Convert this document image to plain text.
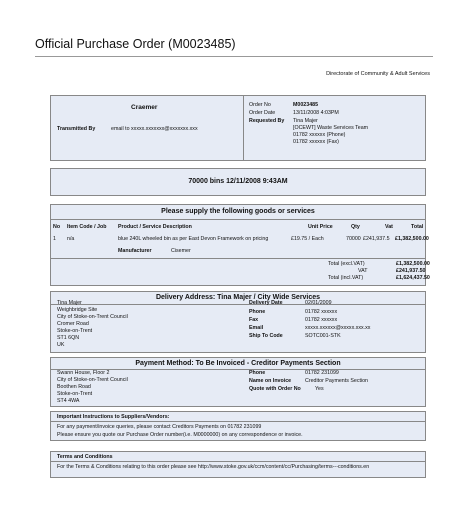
Official Purchase Order (M0023485)
Directorate of Community & Adult Services
Craemer
Transmitted By	email to xxxxx.xxxxxxx@xxxxxxx.xxx
Order No	M0023485
Order Date	13/11/2008 4:03PM
Requested By Tina Majer
[OCEWT] Waste Services Team
01782 xxxxxx (Phone)
01782 xxxxxx (Fax)
70000 bins 12/11/2008 9:43AM
Please supply the following goods or services
No Item Code / Job Product / Service Description	Unit Price	Qty	Vat	Total
1 n/a	blue 240L wheeled bin as per East Devon Framework on pricing	£19.75 / Each	70000 £241,937.5 £1,382,500.00
Manufacturer	Cisemer
Total (excl.VAT)	£1,382,500.00
VAT	£241,937.50
Total (incl.VAT)	£1,624,437.50
Delivery Address: Tina Majer / City Wide Services
Tina Majer
Weighbridge Site
City of Stoke-on-Trent Council
Cromer Road
Stoke-on-Trent
ST1 6QN
UK
Delivery Date	02/01/2009
Phone	01782 xxxxxx
Fax	01782 xxxxxx
Email	xxxxx.xxxxxx@xxxxx.xxx.xx
Ship To Code	SOTC001-STK
Payment Method: To Be Invoiced - Creditor Payments Section
Swann House, Floor 2
City of Stoke-on-Trent Council
Boothen Road
Stoke-on-Trent
ST4 4WA
Phone	01782 231099
Name on Invoice	Creditor Payments Section
Quote with Order No	Yes
Important Instructions to Suppliers/Vendors:
For any payment/invoice queries, please contact Creditors Payments on 01782 231099
Please ensure you quote our Purchase Order number(i.e. M0000000) on any correspondence or invoice.
Terms and Conditions
For the Terms & Conditions relating to this order please see http://www.stoke.gov.uk/ccm/content/cc/Purchasing/terms---conditions.en
